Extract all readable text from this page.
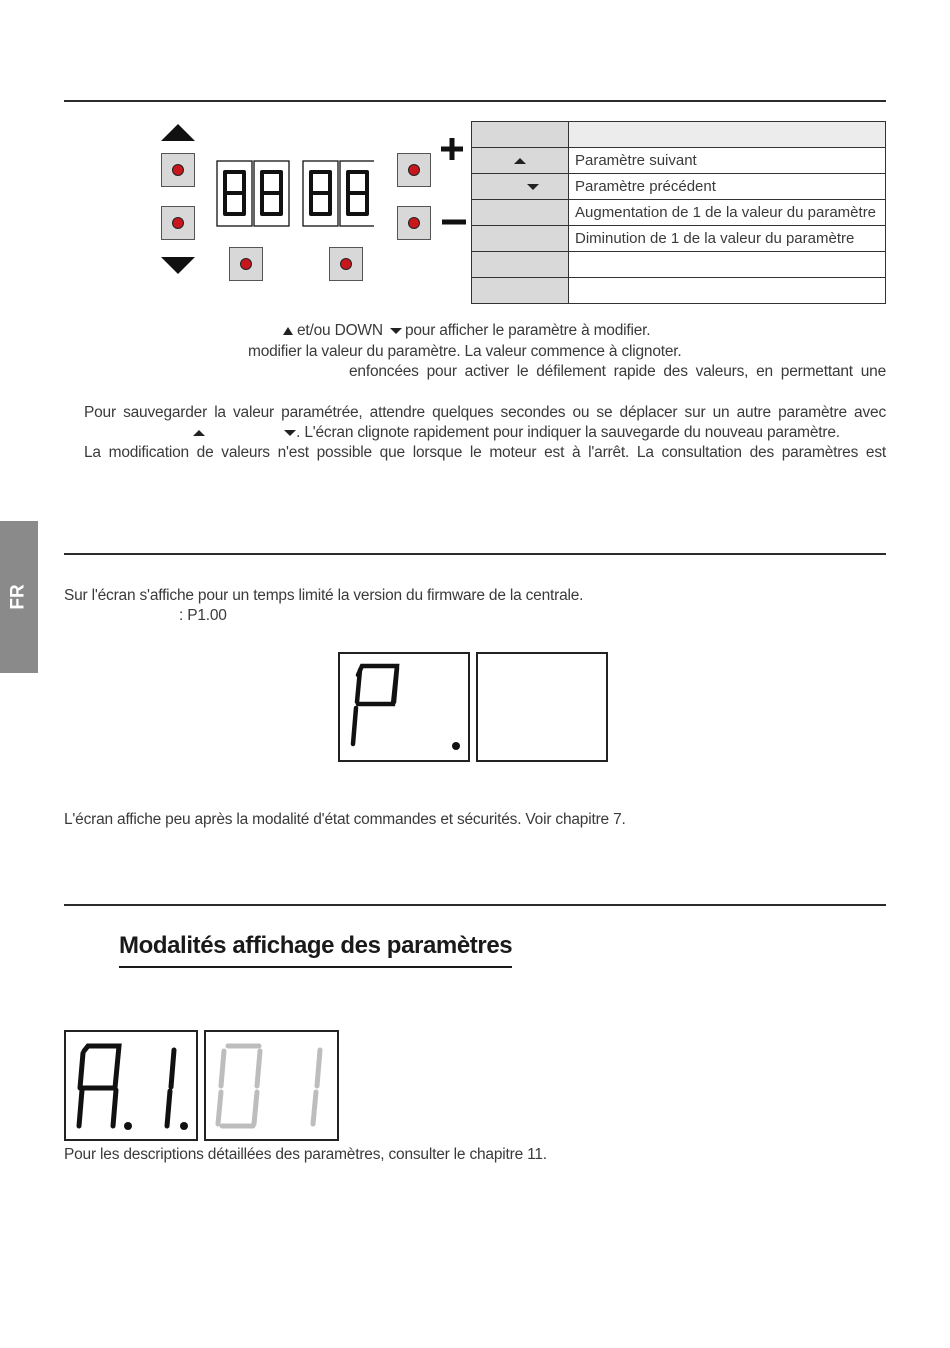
FR

	Paramètre suivant
	Paramètre précédent
	Augmentation de 1 de la valeur du paramètre
	Diminution de 1 de la valeur du paramètre

et/ou DOWN pour afficher le paramètre à modifier.
modifier la valeur du paramètre. La valeur commence à clignoter.
enfoncées pour activer le défilement rapide des valeurs, en permettant une
Pour sauvegarder la valeur paramétrée, attendre quelques secondes ou se déplacer sur un autre paramètre avec
. L'écran clignote rapidement pour indiquer la sauvegarde du nouveau paramètre.
La modification de valeurs n'est possible que lorsque le moteur est à l'arrêt. La consultation des paramètres est
Sur l'écran s'affiche pour un temps limité la version du firmware de la centrale.
: P1.00
L'écran affiche peu après la modalité d'état commandes et sécurités. Voir chapitre 7.
Modalités affichage des paramètres
Pour les descriptions détaillées des paramètres, consulter le chapitre 11.
